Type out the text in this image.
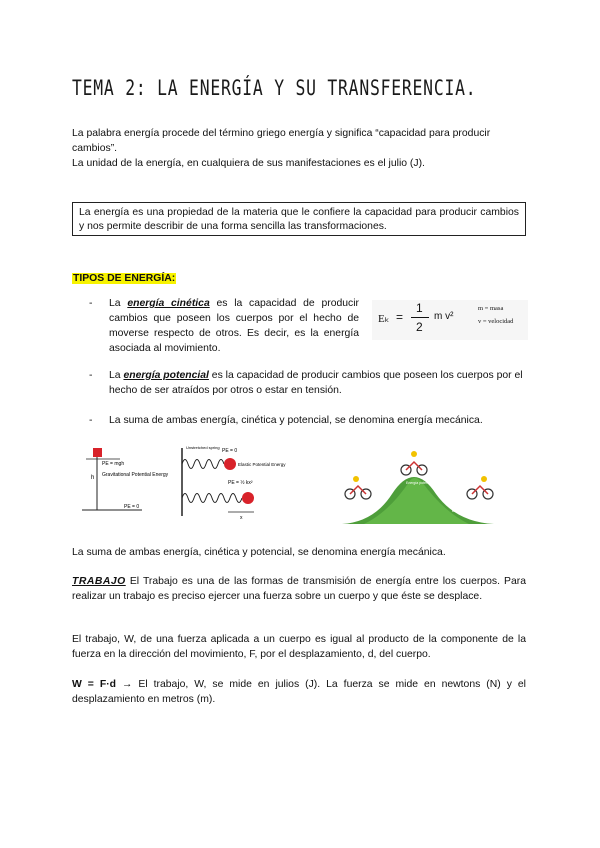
TEMA 2: LA ENERGÍA Y SU TRANSFERENCIA.
La palabra energía procede del término griego energía y significa “capacidad para producir cambios”.
La unidad de la energía, en cualquiera de sus manifestaciones es el julio (J).
La energía es una propiedad de la materia que le confiere la capacidad para producir cambios y nos permite describir de una forma sencilla las transformaciones.
TIPOS DE ENERGÍA:
- La energía cinética es la capacidad de producir cambios que poseen los cuerpos por el hecho de moverse respecto de otros. Es decir, es la energía asociada al movimiento.
Eₖ =
1
2
m v²
m = masa
v = velocidad
- La energía potencial es la capacidad de producir cambios que poseen los cuerpos por el hecho de ser atraídos por otros o estar en tensión.
- La suma de ambas energía, cinética y potencial, se denomina energía mecánica.
PE = mgh
h Gravitational Potential Energy
PE = 0
Unstretched spring
PE = 0
Elastic Potential Energy
PE = ½ kx²
x
Energía potencial
Energía cinética	Energía cinética
La suma de ambas energía, cinética y potencial, se denomina energía mecánica.
TRABAJO El Trabajo es una de las formas de transmisión de energía entre los cuerpos. Para realizar un trabajo es preciso ejercer una fuerza sobre un cuerpo y que éste se desplace.
El trabajo, W, de una fuerza aplicada a un cuerpo es igual al producto de la componente de la fuerza en la dirección del movimiento, F, por el desplazamiento, d, del cuerpo.
W = F·d → El trabajo, W, se mide en julios (J). La fuerza se mide en newtons (N) y el desplazamiento en metros (m).
